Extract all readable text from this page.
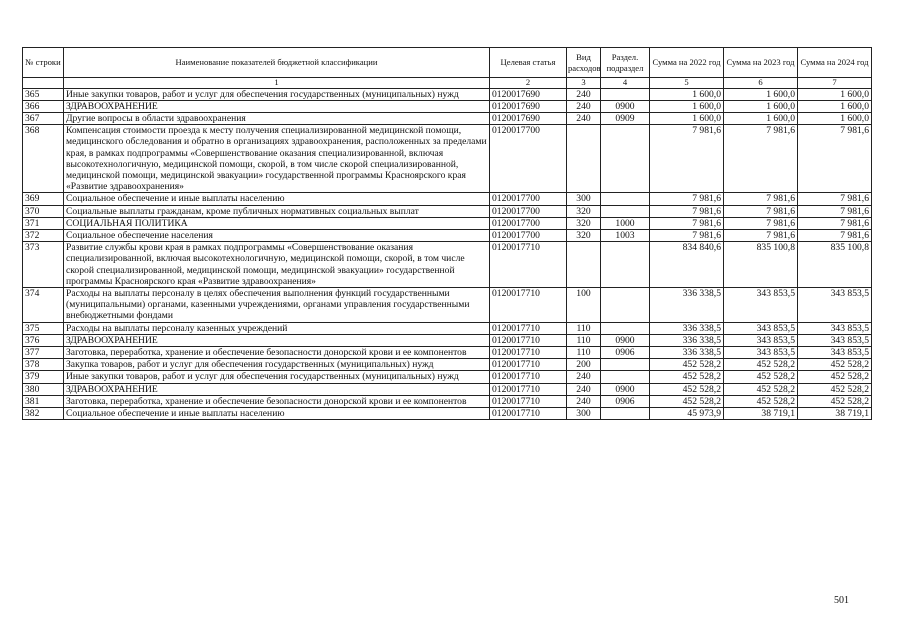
№ строки	Наименование показателей бюджетной классификации	Целевая статья	Вид расходов	Раздел. подраздел	Сумма на 2022 год	Сумма на 2023 год	Сумма на 2024 год
	1	2	3	4	5	6	7
365	Иные закупки товаров, работ и услуг для обеспечения государственных (муниципальных) нужд	0120017690	240		1 600,0	1 600,0	1 600,0
366	ЗДРАВООХРАНЕНИЕ	0120017690	240	0900	1 600,0	1 600,0	1 600,0
367	Другие вопросы в области здравоохранения	0120017690	240	0909	1 600,0	1 600,0	1 600,0
368	Компенсация стоимости проезда к месту получения специализированной медицинской помощи, медицинского обследования и обратно в организациях здравоохранения, расположенных за пределами края, в рамках подпрограммы «Совершенствование оказания специализированной, включая высокотехнологичную, медицинской помощи, скорой, в том числе скорой специализированной, медицинской помощи, медицинской эвакуации» государственной программы Красноярского края «Развитие здравоохранения»	0120017700			7 981,6	7 981,6	7 981,6
369	Социальное обеспечение и иные выплаты населению	0120017700	300		7 981,6	7 981,6	7 981,6
370	Социальные выплаты гражданам, кроме публичных нормативных социальных выплат	0120017700	320		7 981,6	7 981,6	7 981,6
371	СОЦИАЛЬНАЯ ПОЛИТИКА	0120017700	320	1000	7 981,6	7 981,6	7 981,6
372	Социальное обеспечение населения	0120017700	320	1003	7 981,6	7 981,6	7 981,6
373	Развитие службы крови края в рамках подпрограммы «Совершенствование оказания специализированной, включая высокотехнологичную, медицинской помощи, скорой, в том числе скорой специализированной, медицинской помощи, медицинской эвакуации» государственной программы Красноярского края «Развитие здравоохранения»	0120017710			834 840,6	835 100,8	835 100,8
374	Расходы на выплаты персоналу в целях обеспечения выполнения функций государственными (муниципальными) органами, казенными учреждениями, органами управления государственными внебюджетными фондами	0120017710	100		336 338,5	343 853,5	343 853,5
375	Расходы на выплаты персоналу казенных учреждений	0120017710	110		336 338,5	343 853,5	343 853,5
376	ЗДРАВООХРАНЕНИЕ	0120017710	110	0900	336 338,5	343 853,5	343 853,5
377	Заготовка, переработка, хранение и обеспечение безопасности донорской крови и ее компонентов	0120017710	110	0906	336 338,5	343 853,5	343 853,5
378	Закупка товаров, работ и услуг для обеспечения государственных (муниципальных) нужд	0120017710	200		452 528,2	452 528,2	452 528,2
379	Иные закупки товаров, работ и услуг для обеспечения государственных (муниципальных) нужд	0120017710	240		452 528,2	452 528,2	452 528,2
380	ЗДРАВООХРАНЕНИЕ	0120017710	240	0900	452 528,2	452 528,2	452 528,2
381	Заготовка, переработка, хранение и обеспечение безопасности донорской крови и ее компонентов	0120017710	240	0906	452 528,2	452 528,2	452 528,2
382	Социальное обеспечение и иные выплаты населению	0120017710	300		45 973,9	38 719,1	38 719,1
501
